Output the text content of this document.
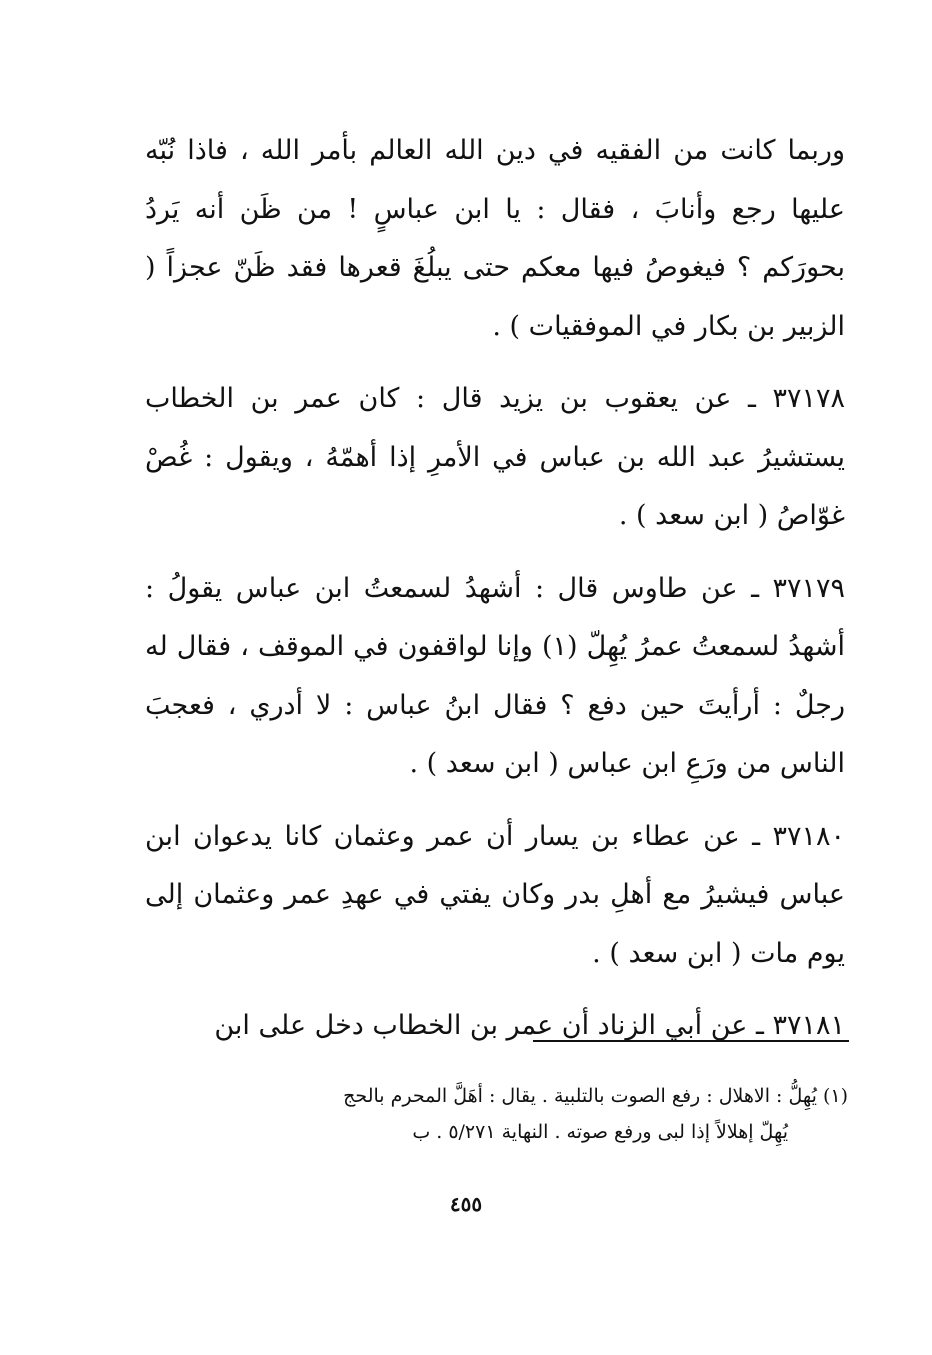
وربما كانت من الفقيه في دين الله العالم بأمر الله ، فاذا نُبّه عليها رجع وأنابَ ، فقال : يا ابن عباسٍ ! من ظَن أنه يَردُ بحورَكم ؟ فيغوصُ فيها معكم حتى يبلُغَ قعرها فقد ظَنّ عجزاً ( الزبير بن بكار في الموفقيات ) .

٣٧١٧٨ ـ عن يعقوب بن يزيد قال : كان عمر بن الخطاب يستشيرُ عبد الله بن عباس في الأمرِ إذا أهمّهُ ، ويقول : غُصْ غوّاصُ ( ابن سعد ) .

٣٧١٧٩ ـ عن طاوس قال : أشهدُ لسمعتُ ابن عباس يقولُ : أشهدُ لسمعتُ عمرُ يُهِلّ (١) وإنا لواقفون في الموقف ، فقال له رجلٌ : أرأيتَ حين دفع ؟ فقال ابنُ عباس : لا أدري ، فعجبَ الناس من ورَعِ ابن عباس ( ابن سعد ) .

٣٧١٨٠ ـ عن عطاء بن يسار أن عمر وعثمان كانا يدعوان ابن عباس فيشيرُ مع أهلِ بدر وكان يفتي في عهدِ عمر وعثمان إلى يوم مات ( ابن سعد ) .

٣٧١٨١ ـ عن أبي الزناد أن عمر بن الخطاب دخل على ابن

(١) يُهِلُّ : الاهلال : رفع الصوت بالتلبية . يقال : أهَلَّ المحرم بالحج
يُهِلّ إهلالاً إذا لبى ورفع صوته . النهاية ٥/٢٧١ . ب
٤٥٥
